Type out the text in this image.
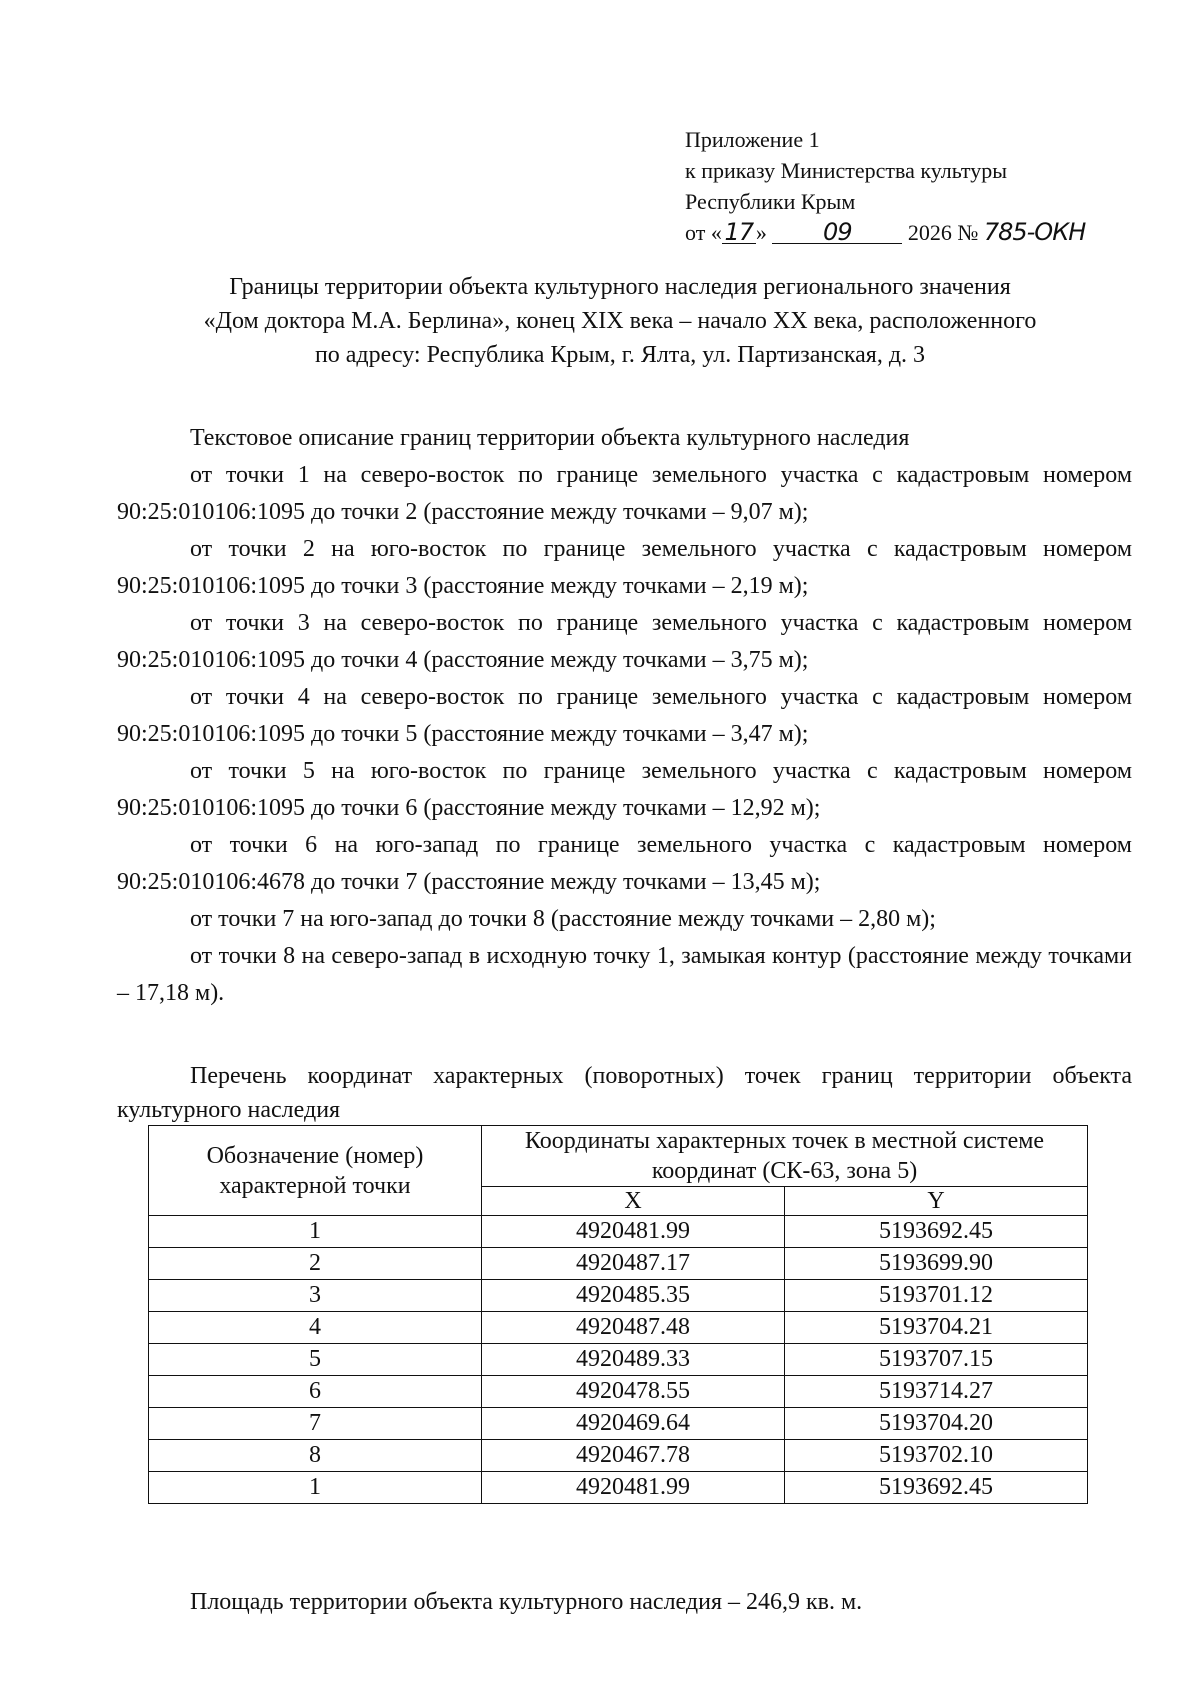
Приложение 1
к приказу Министерства культуры
Республики Крым
от « 17 » 09	2026 № 785-ОКН
Границы территории объекта культурного наследия регионального значения
«Дом доктора М.А. Берлина», конец XIX века – начало XX века, расположенного
по адресу: Республика Крым, г. Ялта, ул. Партизанская, д. 3
Текстовое описание границ территории объекта культурного наследия

от точки 1 на северо-восток по границе земельного участка с кадастровым номером 90:25:010106:1095 до точки 2 (расстояние между точками – 9,07 м);

от точки 2 на юго-восток по границе земельного участка с кадастровым номером 90:25:010106:1095 до точки 3 (расстояние между точками – 2,19 м);

от точки 3 на северо-восток по границе земельного участка с кадастровым номером 90:25:010106:1095 до точки 4 (расстояние между точками – 3,75 м);

от точки 4 на северо-восток по границе земельного участка с кадастровым номером 90:25:010106:1095 до точки 5 (расстояние между точками – 3,47 м);

от точки 5 на юго-восток по границе земельного участка с кадастровым номером 90:25:010106:1095 до точки 6 (расстояние между точками – 12,92 м);

от точки 6 на юго-запад по границе земельного участка с кадастровым номером 90:25:010106:4678 до точки 7 (расстояние между точками – 13,45 м);

от точки 7 на юго-запад до точки 8 (расстояние между точками – 2,80 м);

от точки 8 на северо-запад в исходную точку 1, замыкая контур (расстояние между точками – 17,18 м).

Перечень координат характерных (поворотных) точек границ территории объекта культурного наследия
Обозначение (номер) характерной точки	Координаты характерных точек в местной системе координат (СК-63, зона 5)	
	X	Y
1	4920481.99	5193692.45
2	4920487.17	5193699.90
3	4920485.35	5193701.12
4	4920487.48	5193704.21
5	4920489.33	5193707.15
6	4920478.55	5193714.27
7	4920469.64	5193704.20
8	4920467.78	5193702.10
1	4920481.99	5193692.45
Площадь территории объекта культурного наследия – 246,9 кв. м.
